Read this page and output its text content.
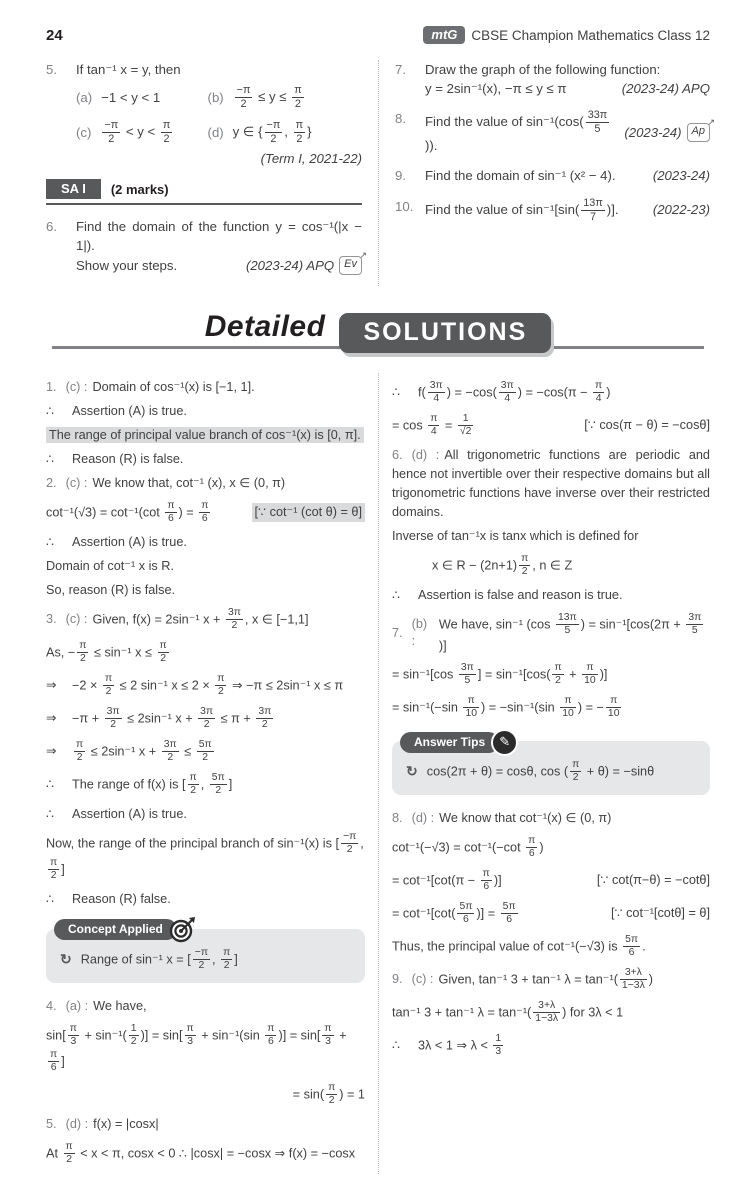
24	mtG	CBSE Champion Mathematics Class 12
5.	If tan⁻¹ x = y, then
(a) −1 < y < 1	$(b) \frac{-\pi}{2} \le y \le \frac{\pi}{2}$
$(c) \frac{-\pi}{2} < y < \frac{\pi}{2}$	(d) y ∈ { $\frac{-\pi}{2}$ , $\frac{\pi}{2}$ }
(Term I, 2021-22)
SA I	(2 marks)
6.	Find the domain of the function y = cos⁻¹(|x − 1|).
Show your steps.	(2023-24) APQ Ev
↗
7.	Draw the graph of the following function:
y = 2sin⁻¹(x), −π ≤ y ≤ π	(2023-24) APQ
8.	Find the value of $\sin^{-1}(\cos( \frac{33\pi}{5}$
)).
(2023-24) Ap
↗
9.	Find the domain of sin⁻¹ (x² − 4).	(2023-24)
10. Find the value of $\sin^{-1}[\sin( \frac{13\pi}{7}$ )].	(2022-23)
Detailed	SOLUTIONS
1. (c) : Domain of cos⁻¹(x) is [−1, 1].
∴ Assertion (A) is true.
The range of principal value branch of cos⁻¹(x) is [0, π].
∴ Reason (R) is false.
2. (c) : We know that, cot⁻¹ (x), x ∈ (0, π)
$\cot^{-1}(√3) = \cot^{-1}(\cot \frac{\pi}{6}$ ) = $\frac{\pi}{6}$	[∵ cot⁻¹ (cot θ) = θ]
∴ Assertion (A) is true.
Domain of cot⁻¹ x is R.
So, reason (R) is false.
3. (c) : Given, f(x) = 2sin⁻¹ $x + \frac{3\pi}{2}$ , x ∈ [−1,1]
As, − $\frac{\pi}{2} \le \sin^{-1}$ $x \le \frac{\pi}{2}$
⇒	$-2 \times \frac{\pi}{2} \le 2$ sin⁻¹ $x \le 2 \times \frac{\pi}{2}$ ⇒ −π ≤ 2sin⁻¹ x ≤ π
⇒	$-\pi + \frac{3\pi}{2} \le 2\sin^{-1}$ $x + \frac{3\pi}{2} \le \pi + \frac{3\pi}{2}$
⇒	$\frac{\pi}{2} \le 2\sin^{-1}$ $x + \frac{3\pi}{2} \le \frac{5\pi}{2}$
∴	The range of f(x) is [ $\frac{\pi}{2}$ , $\frac{5\pi}{2}$ ]
∴ Assertion (A) is true.
Now, the range of the principal branch of sin⁻¹(x) is [ $\frac{-\pi}{2}$ ,
$\frac{\pi}{2}$ ]
∴ Reason (R) false.
Concept Applied
↻ Range of sin⁻¹ x = [ $\frac{-\pi}{2}$ , $\frac{\pi}{2}$ ]
4. (a) : We have,
$\sin[ \frac{\pi}{3} + \sin^{-1}( \frac{1}{2}$ )] = $\sin[ \frac{\pi}{3} + \sin^{-1}(\sin \frac{\pi}{6}$ )] = $\sin[ \frac{\pi}{3}$ +
$\frac{\pi}{6}$ ]
= $\sin( \frac{\pi}{2}$ ) = 1
5. (d) : f(x) = |cosx|
At $\frac{\pi}{2} < x < \pi$, cosx < 0 ∴ |cosx| = −cosx ⇒ f(x) = −cosx
∴	$f( \frac{3\pi}{4}$ ) = $-\cos( \frac{3\pi}{4}$ ) = $-\cos(\pi - \frac{\pi}{4}$ )
= $\cos \frac{\pi}{4} = \frac{1}{√2}$	[∵ cos(π − θ) = −cosθ]
6. (d) : All trigonometric functions are periodic and hence not invertible over their respective domains but all trigonometric functions have inverse over their restricted domains.
Inverse of tan⁻¹x is tanx which is defined for
x ∈ $R - (2n+1) \frac{\pi}{2}$ , n ∈ Z
∴ Assertion is false and reason is true.
7.
(b) :
We have, sin⁻¹ ($\cos \frac{13\pi}{5}$ ) = $\sin^{-1}[\cos(2\pi + \frac{3\pi}{5}$
)]
= $\sin^{-1}[\cos \frac{3\pi}{5}$ ] = $\sin^{-1}[\cos( \frac{\pi}{2} + \frac{\pi}{10}$ )]
= $\sin^{-1}(-\sin \frac{\pi}{10}$ ) = $-\sin^{-1}(\sin \frac{\pi}{10}$ ) = − $\frac{\pi}{10}$
Answer Tips	✎
↻ cos(2π + θ) = cosθ, cos ( $\frac{\pi}{2} + \theta) = -\sin\theta$
8. (d) : We know that cot⁻¹(x) ∈ (0, π)
$\cot^{-1}(-√3) = \cot^{-1}(-\cot \frac{\pi}{6}$ )
= $\cot^{-1}[\cot(\pi - \frac{\pi}{6}$ )]	[∵ cot(π−θ) = −cotθ]
= $\cot^{-1}[\cot( \frac{5\pi}{6}$ )] = $\frac{5\pi}{6}$	[∵ cot⁻¹[cotθ] = θ]
Thus, the principal value of cot⁻¹(−√3) is $\frac{5\pi}{6}$ .
9. (c) : Given, tan⁻¹ 3 + tan⁻¹ $\lambda = \tan^{-1}( \frac{3+\lambda}{1-3\lambda}$ )
tan⁻¹ 3 + tan⁻¹ $\lambda = \tan^{-1}( \frac{3+\lambda}{1-3\lambda}$ ) for 3λ < 1
∴	3λ < 1 ⇒ $\lambda < \frac{1}{3}$
